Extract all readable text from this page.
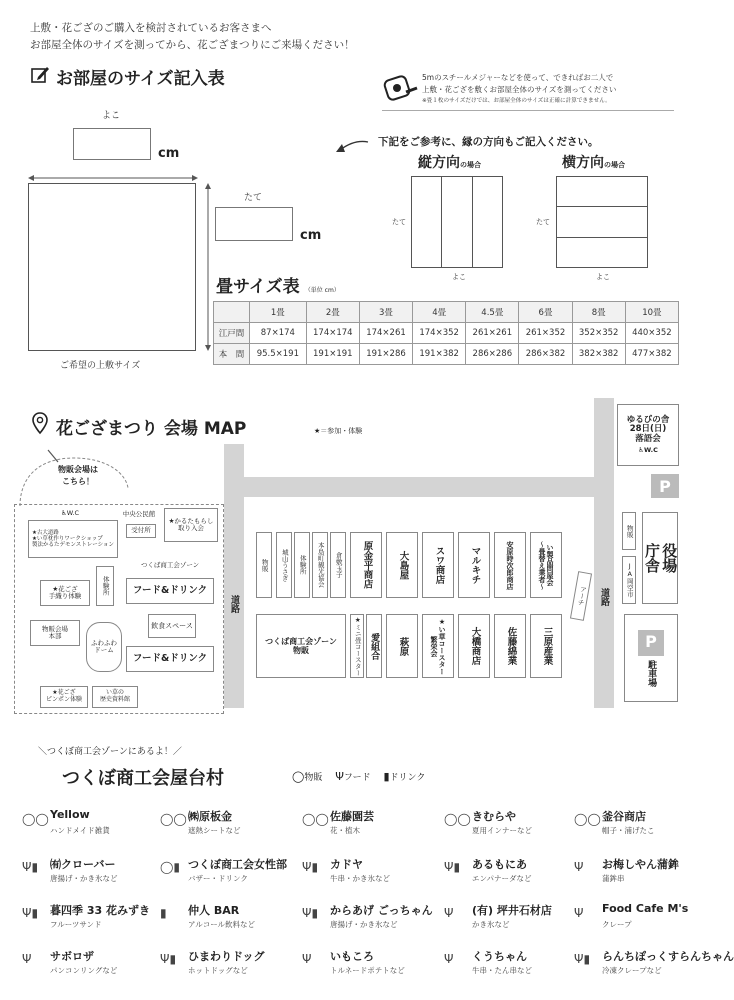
上敷・花ござのご購入を検討されているお客さまへ
お部屋全体のサイズを測ってから、花ござまつりにご来場ください！
お部屋のサイズ記入表
よこ
cm
たて
cm
ご希望の上敷サイズ
5mのスチールメジャーなどを使って、できればお二人で
上敷・花ござを敷くお部屋全体のサイズを測ってください
※畳１枚のサイズだけでは、お部屋全体のサイズは正確に計算できません。
下記をご参考に、縁の方向もご記入ください。
縦方向の場合
たて
よこ
横方向の場合
たて
よこ
畳サイズ表 （単位 cm）
	1畳	2畳	3畳	4畳	4.5畳	6畳	8畳	10畳
江戸間	87×174	174×174	174×261	174×352	261×261	261×352	352×352	440×352
本　間	95.5×191	191×191	191×286	191×382	286×286	286×382	382×382	477×382
花ござまつり 会場 MAP	★＝参加・体験
道路	道路
ゆるびの舎
28日(日)
落語会
♿W.C
P
物販
JA岡空市
役場
庁舎
P
駐車場
アーチ
物販	城山うさぎ	体験所	本島町観光協会	倉敷玉子	原金平商店	大島屋	スワ商店	マルキチ	安原時次郎商店	い製品問屋会
〜畳替え業者〜
つくば商工会ゾーン
物販	★ミニ畳コースター 愛組合	萩原	★い草コースター
繁栄会	大橋商店	佐藤綿業	三原産業
物販会場は
こちら！
♿W.C
★古大道路
★い草枕作りワークショップ
製法かるたデモンストレーション
中央公民館
受付所
★かるたもらし
取り入会
つくば商工会ゾーン
フード&ドリンク
体験所
★花ござ
手織り体験
飲食スペース
物販会場
本部
フード&ドリンク
ふわふわ
ドーム
★花ござ
ピンポン体験
い草の
歴史資料館
＼つくぼ商工会ゾーンにあるよ！／
つくぼ商工会屋台村	◯物販 Ψフード ▮ドリンク
◯◯ Yellow
ハンドメイド雑貨
◯◯ ㈱原板金
遮熱シートなど
◯◯ 佐藤園芸
花・植木
◯◯ きむらや
夏用インナーなど
◯◯ 釜谷商店
帽子・浦げたこ
Ψ▮	㈲クローバー
唐揚げ・かき氷など
◯▮ つくぼ商工会女性部
バザー・ドリンク
Ψ▮	カドヤ
牛串・かき氷など
Ψ▮	あるもにあ
エンパナーダなど
Ψ	お梅しやん蒲鉾
蒲鉾串
Ψ▮	暮四季 33 花みずき
フルーツサンド
▮	仲人 BAR
アルコール飲料など
Ψ▮	からあげ ごっちゃん
唐揚げ・かき氷など
Ψ	(有) 坪井石材店
かき氷など
Ψ	Food Cafe M's
クレープ
Ψ	サボロザ
パンコンリングなど
Ψ▮	ひまわりドッグ
ホットドッグなど
Ψ	いもころ
トルネードポテトなど
Ψ	くうちゃん
牛串・たん串など
Ψ▮	らんちぽっくすらんちゃん
冷凍クレープなど
